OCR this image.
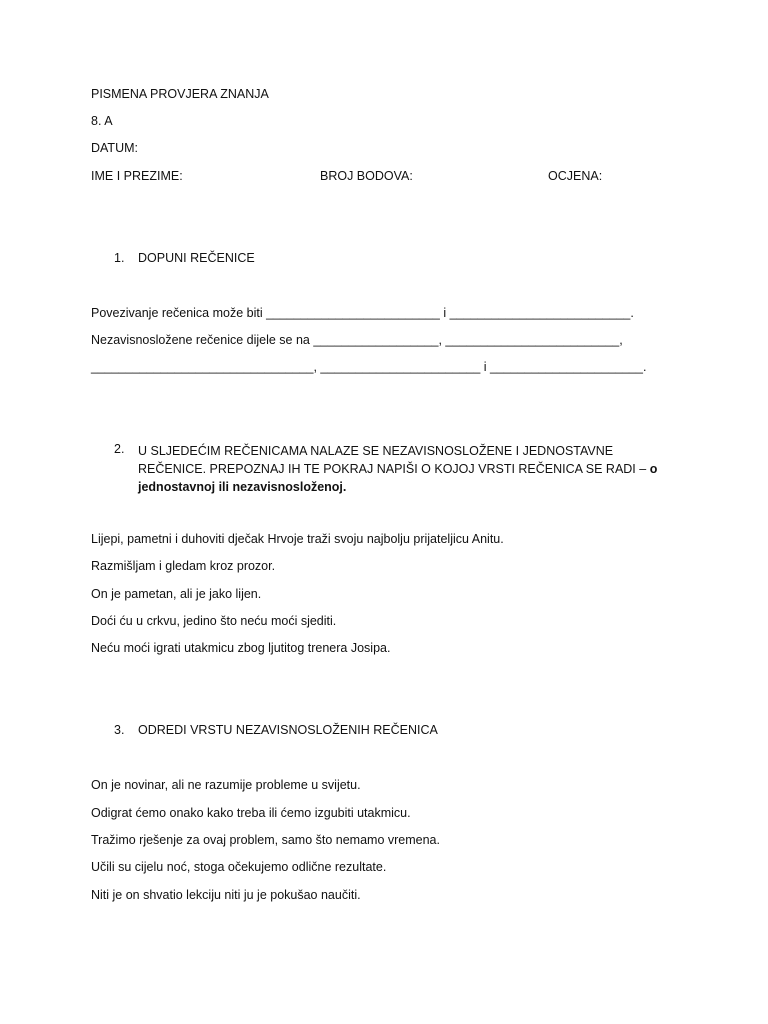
PISMENA PROVJERA ZNANJA
8. A
DATUM:
IME I PREZIME:	BROJ BODOVA:	OCJENA:
1. DOPUNI REČENICE
Povezivanje rečenica može biti _________________________ i __________________________.
Nezavisnosložene rečenice dijele se na __________________, _________________________,
________________________________, _______________________ i ______________________.
2. U SLJEDEĆIM REČENICAMA NALAZE SE NEZAVISNOSLOŽENE I JEDNOSTAVNE REČENICE. PREPOZNAJ IH TE POKRAJ NAPIŠI O KOJOJ VRSTI REČENICA SE RADI – o jednostavnoj ili nezavisnosloženoj.
Lijepi, pametni i duhoviti dječak Hrvoje traži svoju najbolju prijateljicu Anitu.
Razmišljam i gledam kroz prozor.
On je pametan, ali je jako lijen.
Doći ću u crkvu, jedino što neću moći sjediti.
Neću moći igrati utakmicu zbog ljutitog trenera Josipa.
3. ODREDI VRSTU NEZAVISNOSLOŽENIH REČENICA
On je novinar, ali ne razumije probleme u svijetu.
Odigrat ćemo onako kako treba ili ćemo izgubiti utakmicu.
Tražimo rješenje za ovaj problem, samo što nemamo vremena.
Učili su cijelu noć, stoga očekujemo odlične rezultate.
Niti je on shvatio lekciju niti ju je pokušao naučiti.
